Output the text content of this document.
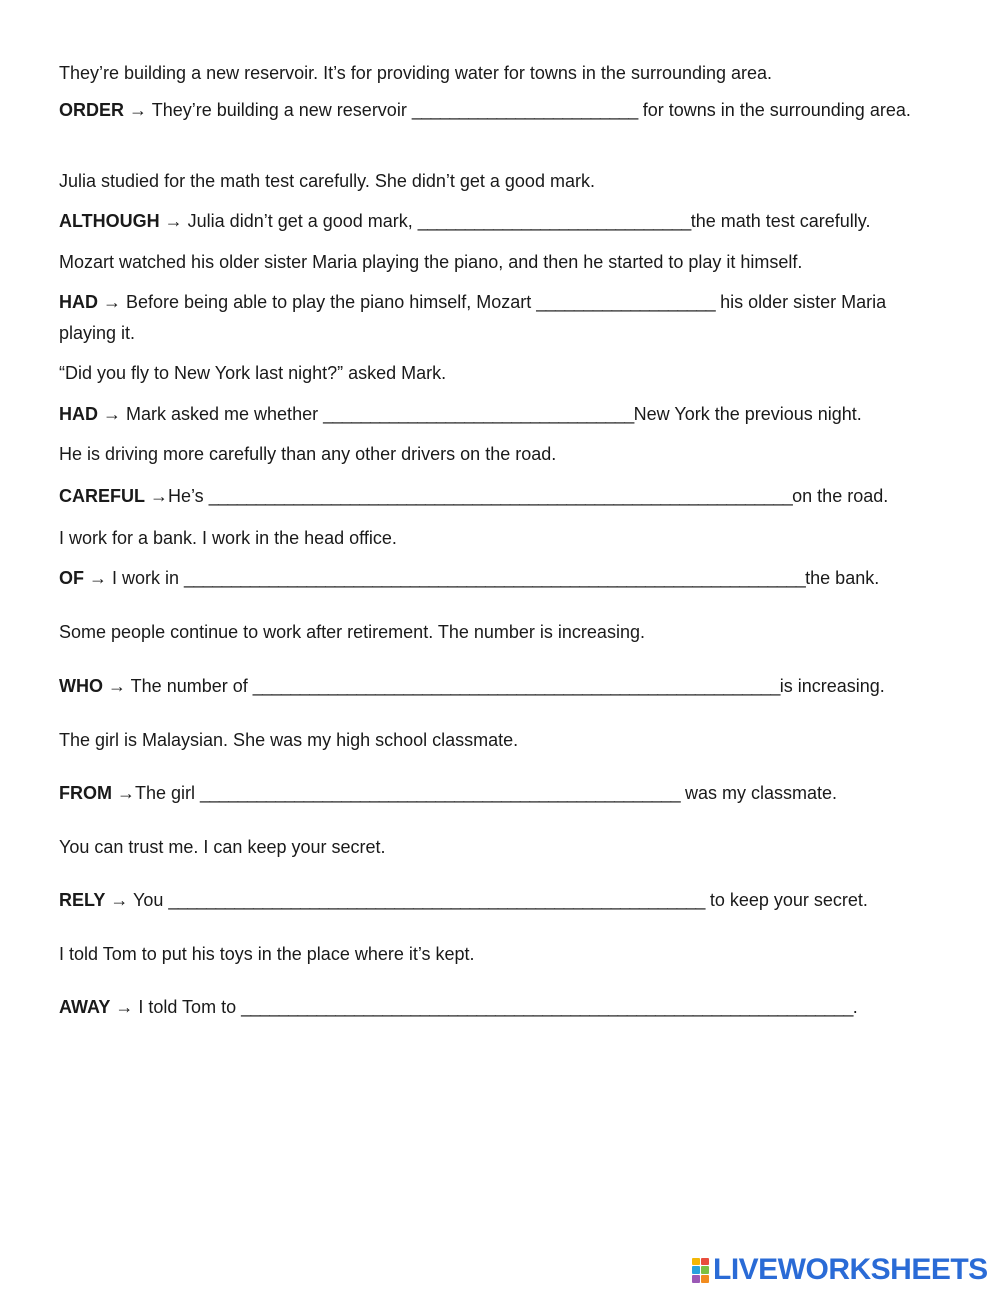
They’re building a new reservoir. It’s for providing water for towns in the surrounding area.
ORDER → They’re building a new reservoir ________________________ for towns in the surrounding area.
Julia studied for the math test carefully. She didn’t get a good mark.
ALTHOUGH → Julia didn’t get a good mark, _____________________________the math test carefully.
Mozart watched his older sister Maria playing the piano, and then he started to play it himself.
HAD → Before being able to play the piano himself, Mozart ___________________ his older sister Maria playing it.
“Did you fly to New York last night?” asked Mark.
HAD → Mark asked me whether _________________________________New York the previous night.
He is driving more carefully than any other drivers on the road.
CAREFUL →He’s ______________________________________________________________on the road.
I work for a bank. I work in the head office.
OF → I work in __________________________________________________________________the bank.
Some people continue to work after retirement. The number is increasing.
WHO → The number of ________________________________________________________is increasing.
The girl is Malaysian. She was my high school classmate.
FROM →The girl ___________________________________________________ was my classmate.
You can trust me. I can keep your secret.
RELY → You _________________________________________________________ to keep your secret.
I told Tom to put his toys in the place where it’s kept.
AWAY → I told Tom to _________________________________________________________________.
LIVEWORKSHEETS
